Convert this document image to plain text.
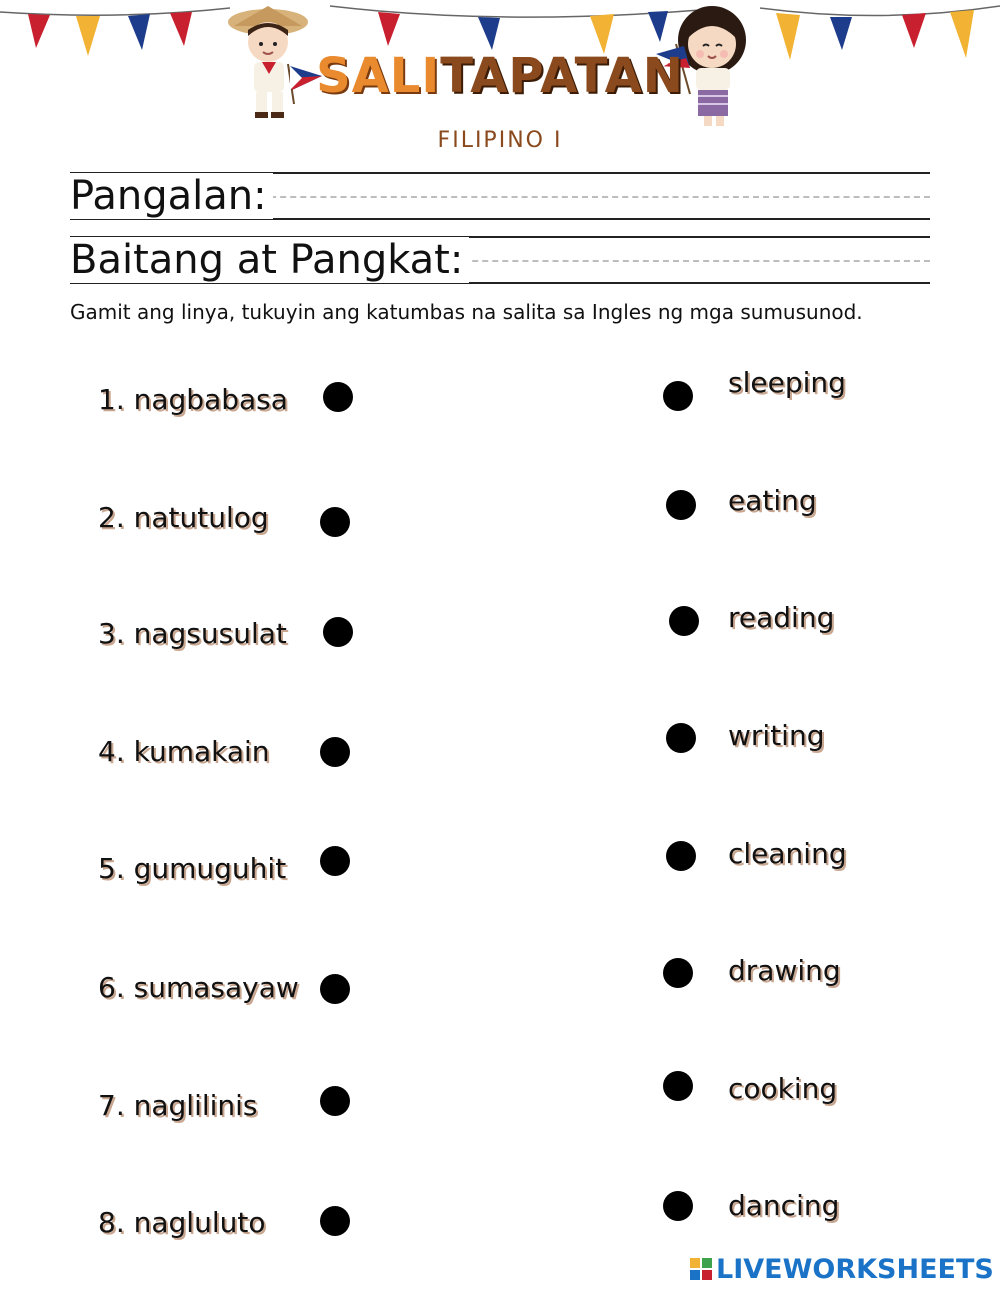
SALITAPATAN
FILIPINO I
Pangalan:
Baitang at Pangkat:
Gamit ang linya, tukuyin ang katumbas na salita sa Ingles ng mga sumusunod.
1. nagbabasa
2. natutulog
3. nagsusulat
4. kumakain
5. gumuguhit
6. sumasayaw
7. naglilinis
8. nagluluto
sleeping
eating
reading
writing
cleaning
drawing
cooking
dancing
LIVEWORKSHEETS
